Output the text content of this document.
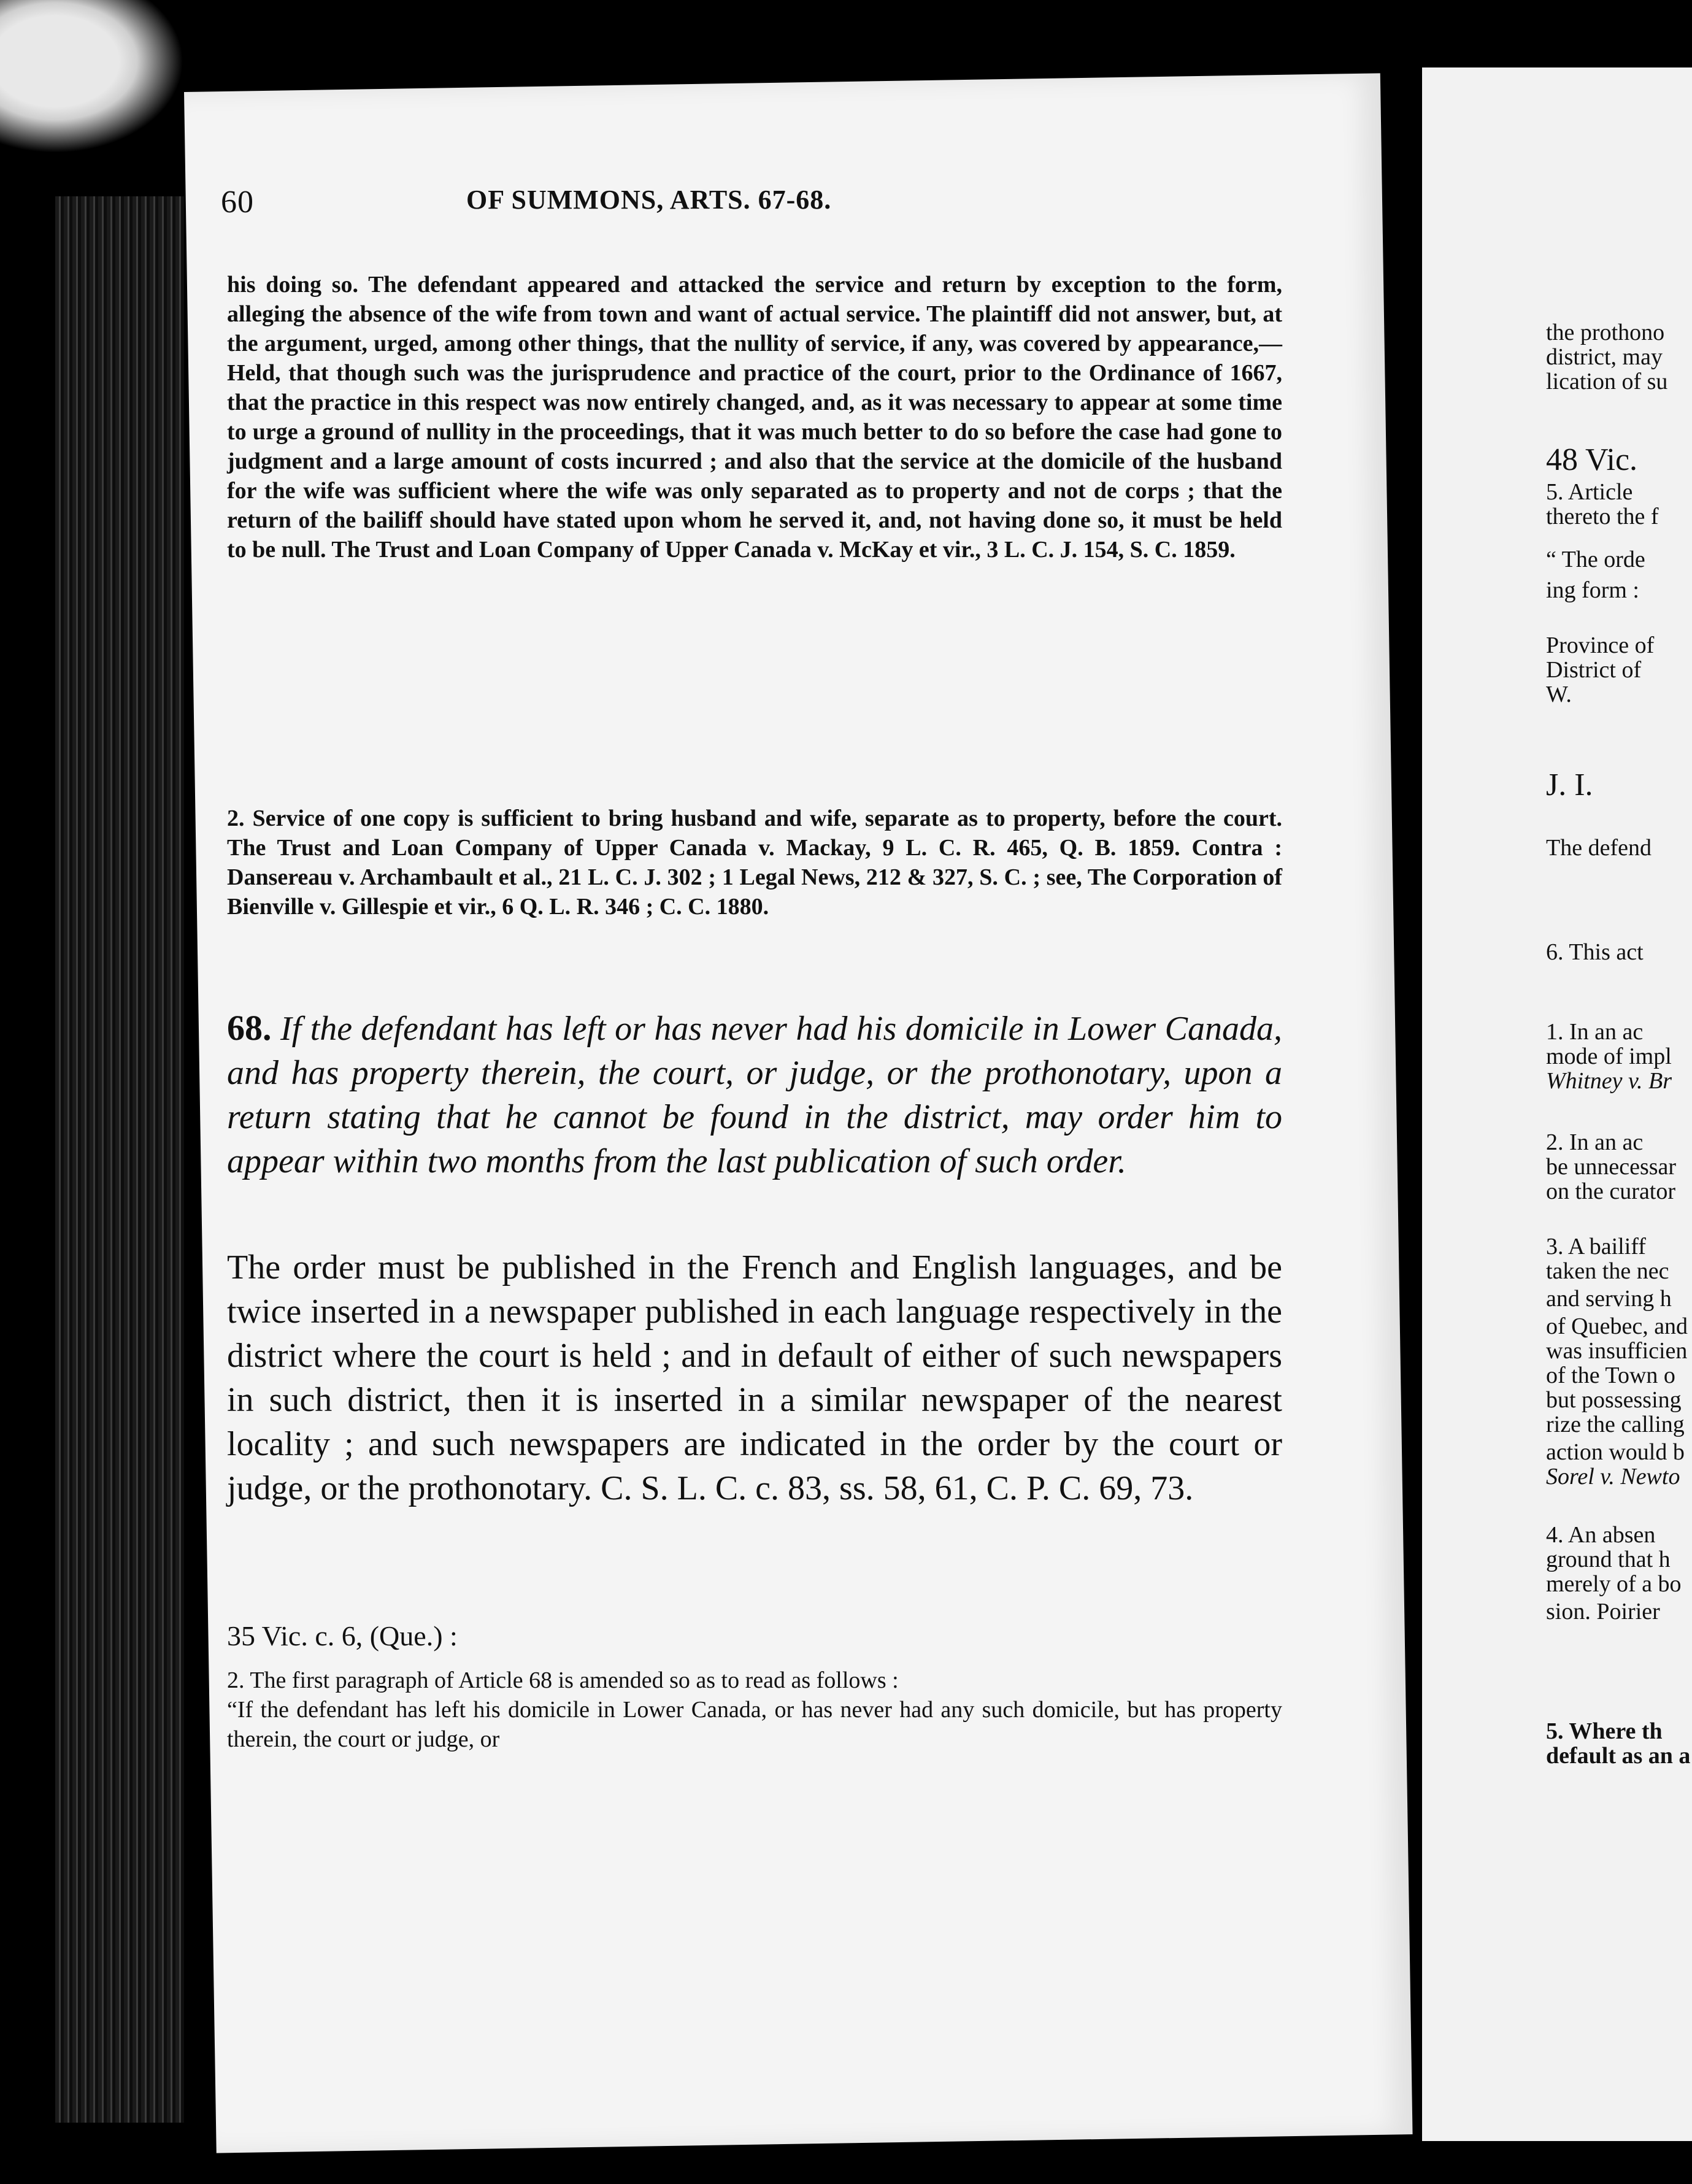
60	OF SUMMONS, ARTS. 67-68.
his doing so. The defendant appeared and attacked the service and return by exception to the form, alleging the absence of the wife from town and want of actual service. The plaintiff did not answer, but, at the argument, urged, among other things, that the nullity of service, if any, was covered by appearance,—Held, that though such was the jurisprudence and practice of the court, prior to the Ordinance of 1667, that the practice in this respect was now entirely changed, and, as it was necessary to appear at some time to urge a ground of nullity in the proceedings, that it was much better to do so before the case had gone to judgment and a large amount of costs incurred ; and also that the service at the domicile of the husband for the wife was sufficient where the wife was only separated as to property and not de corps ; that the return of the bailiff should have stated upon whom he served it, and, not having done so, it must be held to be null. The Trust and Loan Company of Upper Canada v. McKay et vir., 3 L. C. J. 154, S. C. 1859.
2. Service of one copy is sufficient to bring husband and wife, separate as to property, before the court. The Trust and Loan Company of Upper Canada v. Mackay, 9 L. C. R. 465, Q. B. 1859. Contra : Dansereau v. Archambault et al., 21 L. C. J. 302 ; 1 Legal News, 212 & 327, S. C. ; see, The Corporation of Bienville v. Gillespie et vir., 6 Q. L. R. 346 ; C. C. 1880.
68. If the defendant has left or has never had his domicile in Lower Canada, and has property therein, the court, or judge, or the prothonotary, upon a return stating that he cannot be found in the district, may order him to appear within two months from the last publication of such order.
The order must be published in the French and English languages, and be twice inserted in a newspaper published in each language respectively in the district where the court is held ; and in default of either of such newspapers in such district, then it is inserted in a similar newspaper of the nearest locality ; and such newspapers are indicated in the order by the court or judge, or the prothonotary. C. S. L. C. c. 83, ss. 58, 61, C. P. C. 69, 73.
35 Vic. c. 6, (Que.) :
2. The first paragraph of Article 68 is amended so as to read as follows :
“If the defendant has left his domicile in Lower Canada, or has never had any such domicile, but has property therein, the court or judge, or
the prothono
district, may
lication of su
48 Vic.
5. Article
thereto the f
“ The orde
ing form :
Province of
District of
W.
J. I.
The defend
6. This act
1. In an ac
mode of impl
Whitney v. Br
2. In an ac
be unnecessar
on the curator
3. A bailiff
taken the nec
and serving h
of Quebec, and
was insufficien
of the Town o
but possessing
rize the calling
action would b
Sorel v. Newto
4. An absen
ground that h
merely of a bo
sion. Poirier
5. Where th
default as an a
